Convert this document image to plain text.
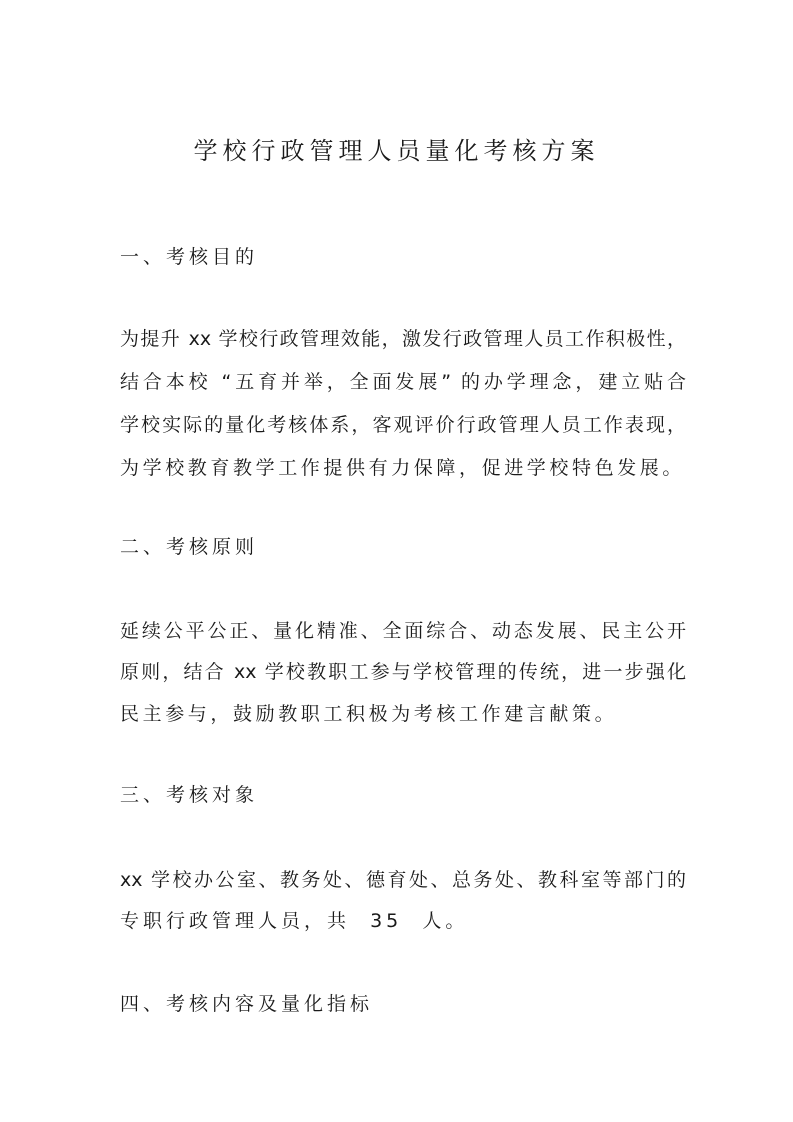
学校行政管理人员量化考核方案
一、考核目的
为提升 xx 学校行政管理效能，激发行政管理人员工作积极性，
结合本校 “五育并举，全面发展” 的办学理念，建立贴合
学校实际的量化考核体系，客观评价行政管理人员工作表现，
为学校教育教学工作提供有力保障，促进学校特色发展。
二、考核原则
延续公平公正、量化精准、全面综合、动态发展、民主公开
原则，结合 xx 学校教职工参与学校管理的传统，进一步强化
民主参与，鼓励教职工积极为考核工作建言献策。
三、考核对象
xx 学校办公室、教务处、德育处、总务处、教科室等部门的
专职行政管理人员，共  35  人。
四、考核内容及量化指标
